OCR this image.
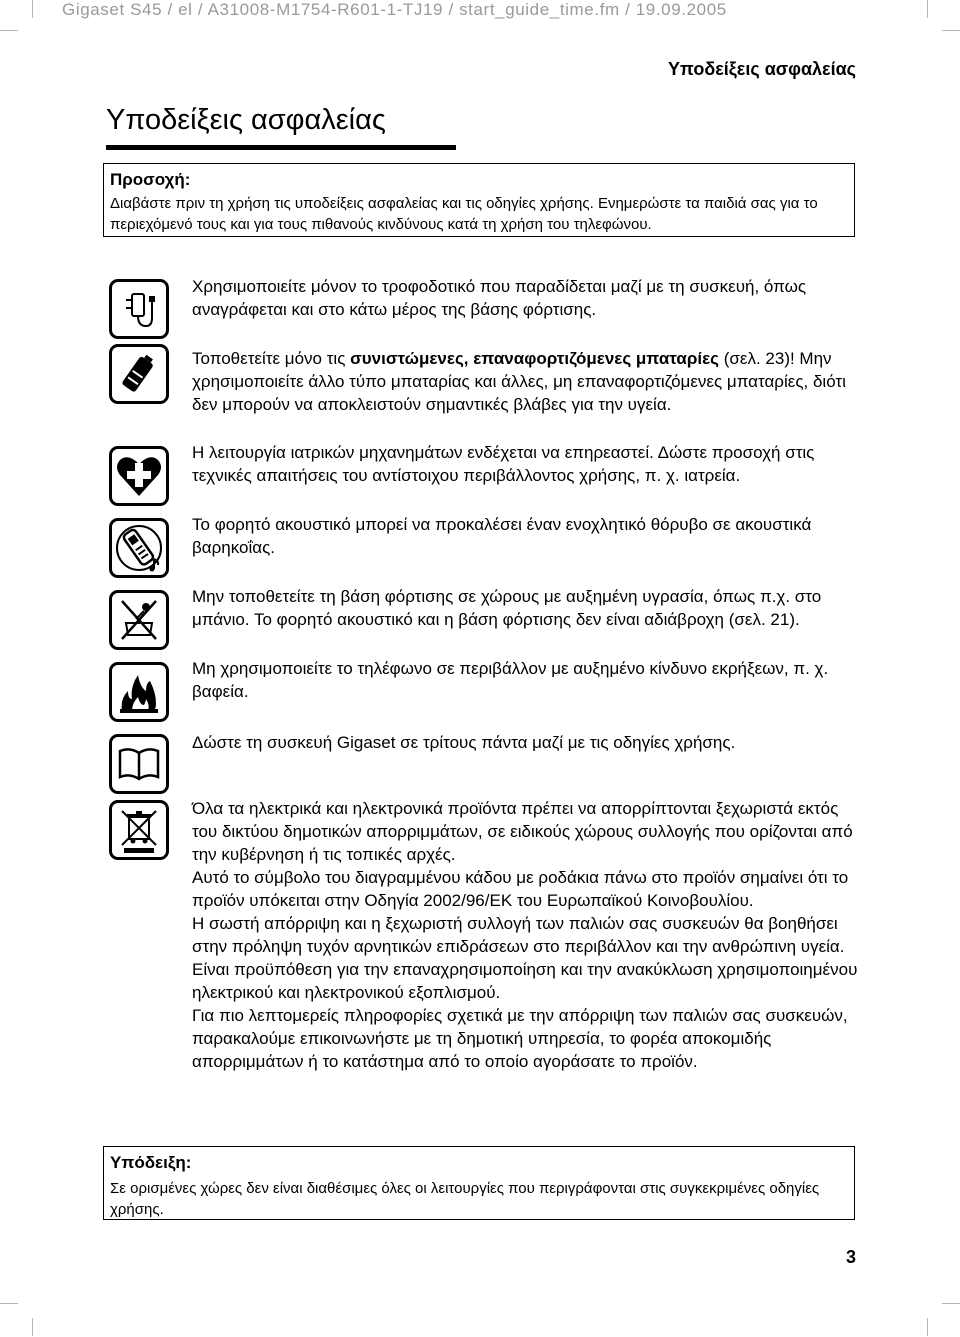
Gigaset S45 / el / A31008-M1754-R601-1-TJ19 / start_guide_time.fm / 19.09.2005
Υποδείξεις ασφαλείας
Υποδείξεις ασφαλείας
Προσοχή:
Διαβάστε πριν τη χρήση τις υποδείξεις ασφαλείας και τις οδηγίες χρήσης. Ενημερώστε τα παιδιά σας για το περιεχόμενό τους και για τους πιθανούς κινδύνους κατά τη χρήση του τηλεφώνου.
Χρησιμοποιείτε μόνον το τροφοδοτικό που παραδίδεται μαζί με τη συσκευή, όπως αναγράφεται και στο κάτω μέρος της βάσης φόρτισης.
Τοποθετείτε μόνο τις συνιστώμενες, επαναφορτιζόμενες μπαταρίες (σελ. 23)! Μην χρησιμοποιείτε άλλο τύπο μπαταρίας και άλλες, μη επαναφορτιζόμενες μπαταρίες, διότι δεν μπορούν να αποκλειστούν σημαντικές βλάβες για την υγεία.
Η λειτουργία ιατρικών μηχανημάτων ενδέχεται να επηρεαστεί. Δώστε προσοχή στις τεχνικές απαιτήσεις του αντίστοιχου περιβάλλοντος χρήσης, π. χ. ιατρεία.
Το φορητό ακουστικό μπορεί να προκαλέσει έναν ενοχλητικό θόρυβο σε ακουστικά βαρηκοΐας.
Μην τοποθετείτε τη βάση φόρτισης σε χώρους με αυξημένη υγρασία, όπως π.χ. στο μπάνιο. Το φορητό ακουστικό και η βάση φόρτισης δεν είναι αδιάβροχη (σελ. 21).
Μη χρησιμοποιείτε το τηλέφωνο σε περιβάλλον με αυξημένο κίνδυνο εκρήξεων, π. χ. βαφεία.
Δώστε τη συσκευή Gigaset σε τρίτους πάντα μαζί με τις οδηγίες χρήσης.
Όλα τα ηλεκτρικά και ηλεκτρονικά προϊόντα πρέπει να απορρίπτονται ξεχωριστά εκτός του δικτύου δημοτικών απορριμμάτων, σε ειδικούς χώρους συλλογής που ορίζονται από την κυβέρνηση ή τις τοπικές αρχές.
Αυτό το σύμβολο του διαγραμμένου κάδου με ροδάκια πάνω στο προϊόν σημαίνει ότι το προϊόν υπόκειται στην Οδηγία 2002/96/ΕΚ του Ευρωπαϊκού Κοινοβουλίου.
Η σωστή απόρριψη και η ξεχωριστή συλλογή των παλιών σας συσκευών θα βοηθήσει στην πρόληψη τυχόν αρνητικών επιδράσεων στο περιβάλλον και την ανθρώπινη υγεία. Είναι προϋπόθεση για την επαναχρησιμοποίηση και την ανακύκλωση χρησιμοποιημένου ηλεκτρικού και ηλεκτρονικού εξοπλισμού.
Για πιο λεπτομερείς πληροφορίες σχετικά με την απόρριψη των παλιών σας συσκευών, παρακαλούμε επικοινωνήστε με τη δημοτική υπηρεσία, το φορέα αποκομιδής απορριμμάτων ή το κατάστημα από το οποίο αγοράσατε το προϊόν.
Υπόδειξη:
Σε ορισμένες χώρες δεν είναι διαθέσιμες όλες οι λειτουργίες που περιγράφονται στις συγκεκριμένες οδηγίες χρήσης.
3
